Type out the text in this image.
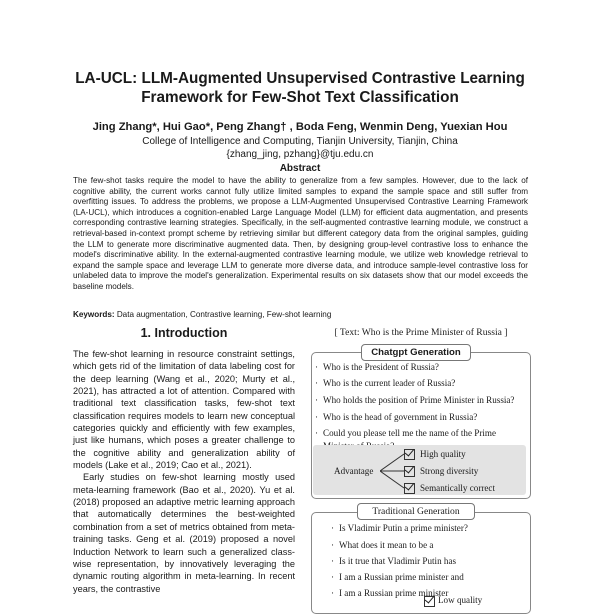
LA-UCL: LLM-Augmented Unsupervised Contrastive Learning
Framework for Few-Shot Text Classification
Jing Zhang*, Hui Gao*, Peng Zhang† , Boda Feng, Wenmin Deng, Yuexian Hou
College of Intelligence and Computing, Tianjin University, Tianjin, China
{zhang_jing, pzhang}@tju.edu.cn
Abstract
The few-shot tasks require the model to have the ability to generalize from a few samples. However, due to the lack of cognitive ability, the current works cannot fully utilize limited samples to expand the sample space and still suffer from overfitting issues. To address the problems, we propose a LLM-Augmented Unsupervised Contrastive Learning Framework (LA-UCL), which introduces a cognition-enabled Large Language Model (LLM) for efficient data augmentation, and presents corresponding contrastive learning strategies. Specifically, in the self-augmented contrastive learning module, we construct a retrieval-based in-context prompt scheme by retrieving similar but different category data from the original samples, guiding the LLM to generate more discriminative augmented data. Then, by designing group-level contrastive loss to enhance the model's discriminative ability. In the external-augmented contrastive learning module, we utilize web knowledge retrieval to expand the sample space and leverage LLM to generate more diverse data, and introduce sample-level contrastive loss for unlabeled data to improve the model's generalization. Experimental results on six datasets show that our model exceeds the baseline models.
Keywords: Data augmentation, Contrastive learning, Few-shot learning
1. Introduction

The few-shot learning in resource constraint settings, which gets rid of the limitation of data labeling cost for the deep learning (Wang et al., 2020; Murty et al., 2021), has attracted a lot of attention. Compared with traditional text classification tasks, few-shot text classification requires models to learn new conceptual categories quickly and efficiently with few examples, just like humans, which poses a greater challenge to the cognitive ability and generalization ability of models (Lake et al., 2019; Cao et al., 2021).

Early studies on few-shot learning mostly used meta-learning framework (Bao et al., 2020). Yu et al. (2018) proposed an adaptive metric learning approach that automatically determines the best-weighted combination from a set of metrics obtained from meta-training tasks. Geng et al. (2019) proposed a novel Induction Network to learn such a generalized class-wise representation, by innovatively leveraging the dynamic routing algorithm in meta-learning. In recent years, the contrastive

[ Text: Who is the Prime Minister of Russia ]
Chatgpt Generation
· Who is the President of Russia?
· Who is the current leader of Russia?
· Who holds the position of Prime Minister in Russia?
· Who is the head of government in Russia?
· Could you please tell me the name of the Prime
Advantage
High quality
Strong diversity
Semantically correct
Traditional Generation
· Is Vladimir Putin a prime minister?
· What does it mean to be a
· Is it true that Vladimir Putin has
· I am a Russian prime minister and
· I am a Russian prime minister
Low quality
